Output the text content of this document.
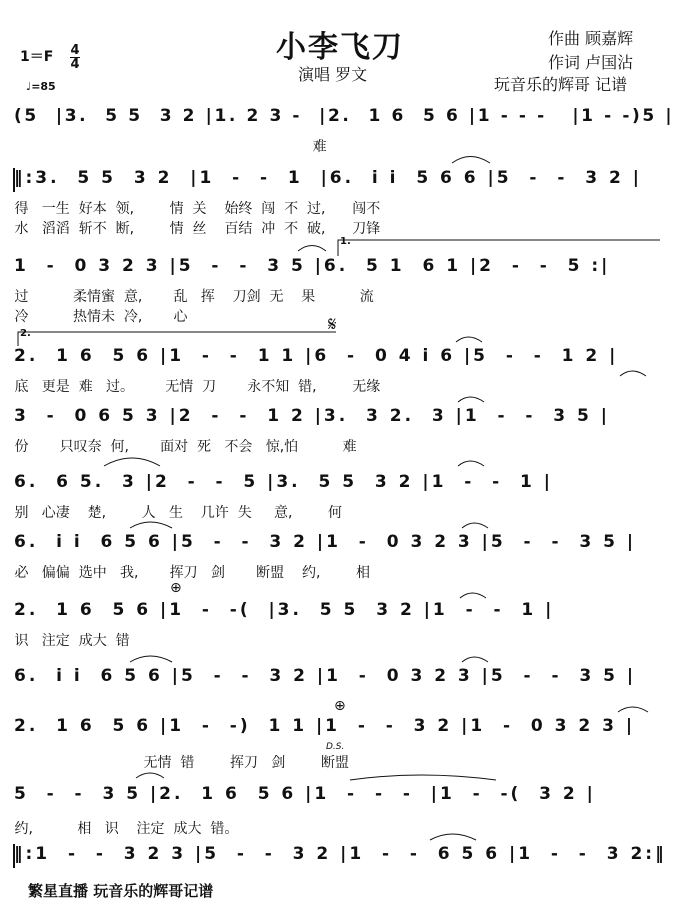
小李飞刀	作曲 顾嘉辉
作词 卢国沾
演唱 罗文
玩音乐的辉哥 记谱
1＝F 4
4
♩=85
(5  |3.  5 5  3 2 |1. 2 3 -  |2.  1 6  5 6 |1 - - -   |1 - -)5 |
难
‖:3.  5 5  3 2  |1  -  -  1  |6.  i i  5 6 6 |5  -  -  3 2 |
得   一生  好本  领,        情  关    始终  闯  不  过,      闯不
水   滔滔  斩不  断,        情  丝    百结  冲  不  破,      刀锋
1  -  0 3 2 3 |5  -  -  3 5 |6.  5 1  6 1 |2  -  -  5 :|
过          柔情蜜  意,       乱   挥    刀剑  无    果          流
冷          热情未  冷,       心
2.  1 6  5 6 |1  -  -  1 1 |6  -  0 4 i 6 |5  -  -  1 2 |
底   更是  难   过。       无情  刀       永不知  错,        无缘
3  -  0 6 5 3 |2  -  -  1 2 |3.  3 2.  3 |1  -  -  3 5 |
份       只叹奈  何,       面对  死   不会   惊,怕          难
6.  6 5.  3 |2  -  -  5 |3.  5 5  3 2 |1  -  -  1 |
别   心凄    楚,        人   生    几许  失     意,        何
6.  i i  6 5 6 |5  -  -  3 2 |1  -  0 3 2 3 |5  -  -  3 5 |
必   偏偏  选中   我,       挥刀   剑       断盟    约,        相
2.  1 6  5 6 |1  -  -(  |3.  5 5  3 2 |1  -  -  1 |
识   注定  成大  错
6.  i i  6 5 6 |5  -  -  3 2 |1  -  0 3 2 3 |5  -  -  3 5 |
2.  1 6  5 6 |1  -  -)  1 1 |1  -  -  3 2 |1  -  0 3 2 3 |
无情  错        挥刀   剑        断盟
5  -  -  3 5 |2.  1 6  5 6 |1  -  -  -  |1  -  -(  3 2 |
约,          相   识    注定  成大  错。
‖:1  -  -  3 2 3 |5  -  -  3 2 |1  -  -  6 5 6 |1  -  -  3 2:‖
1.
2.	𝄋
⊕
⊕
D.S.
繁星直播 玩音乐的辉哥记谱
